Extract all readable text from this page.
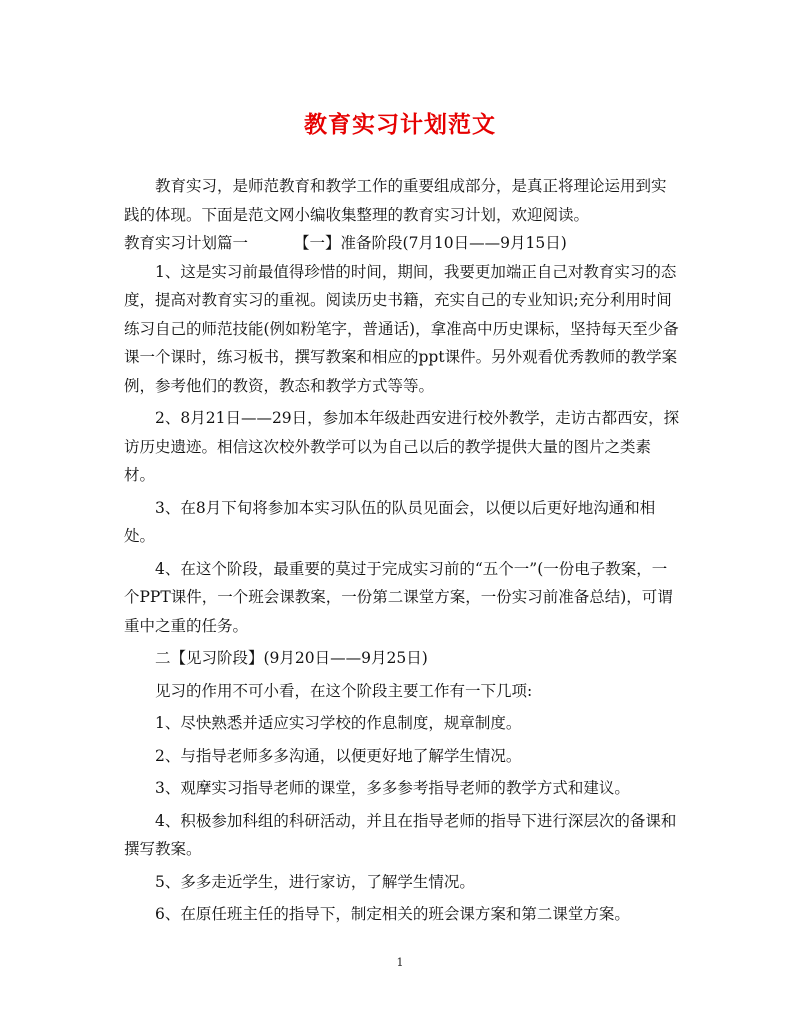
教育实习计划范文

教育实习，是师范教育和教学工作的重要组成部分，是真正将理论运用到实践的体现。下面是范文网小编收集整理的教育实习计划，欢迎阅读。

教育实习计划篇一	【一】准备阶段(7月10日——9月15日)

1、这是实习前最值得珍惜的时间，期间，我要更加端正自己对教育实习的态度，提高对教育实习的重视。阅读历史书籍，充实自己的专业知识;充分利用时间练习自己的师范技能(例如粉笔字，普通话)，拿准高中历史课标，坚持每天至少备课一个课时，练习板书，撰写教案和相应的ppt课件。另外观看优秀教师的教学案例，参考他们的教资，教态和教学方式等等。

2、8月21日——29日，参加本年级赴西安进行校外教学，走访古都西安，探访历史遗迹。相信这次校外教学可以为自己以后的教学提供大量的图片之类素材。

3、在8月下旬将参加本实习队伍的队员见面会，以便以后更好地沟通和相处。

4、在这个阶段，最重要的莫过于完成实习前的“五个一”(一份电子教案，一个PPT课件，一个班会课教案，一份第二课堂方案，一份实习前准备总结)，可谓重中之重的任务。

二【见习阶段】(9月20日——9月25日)

见习的作用不可小看，在这个阶段主要工作有一下几项:

1、尽快熟悉并适应实习学校的作息制度，规章制度。

2、与指导老师多多沟通，以便更好地了解学生情况。

3、观摩实习指导老师的课堂，多多参考指导老师的教学方式和建议。

4、积极参加科组的科研活动，并且在指导老师的指导下进行深层次的备课和撰写教案。

5、多多走近学生，进行家访，了解学生情况。

6、在原任班主任的指导下，制定相关的班会课方案和第二课堂方案。

1
